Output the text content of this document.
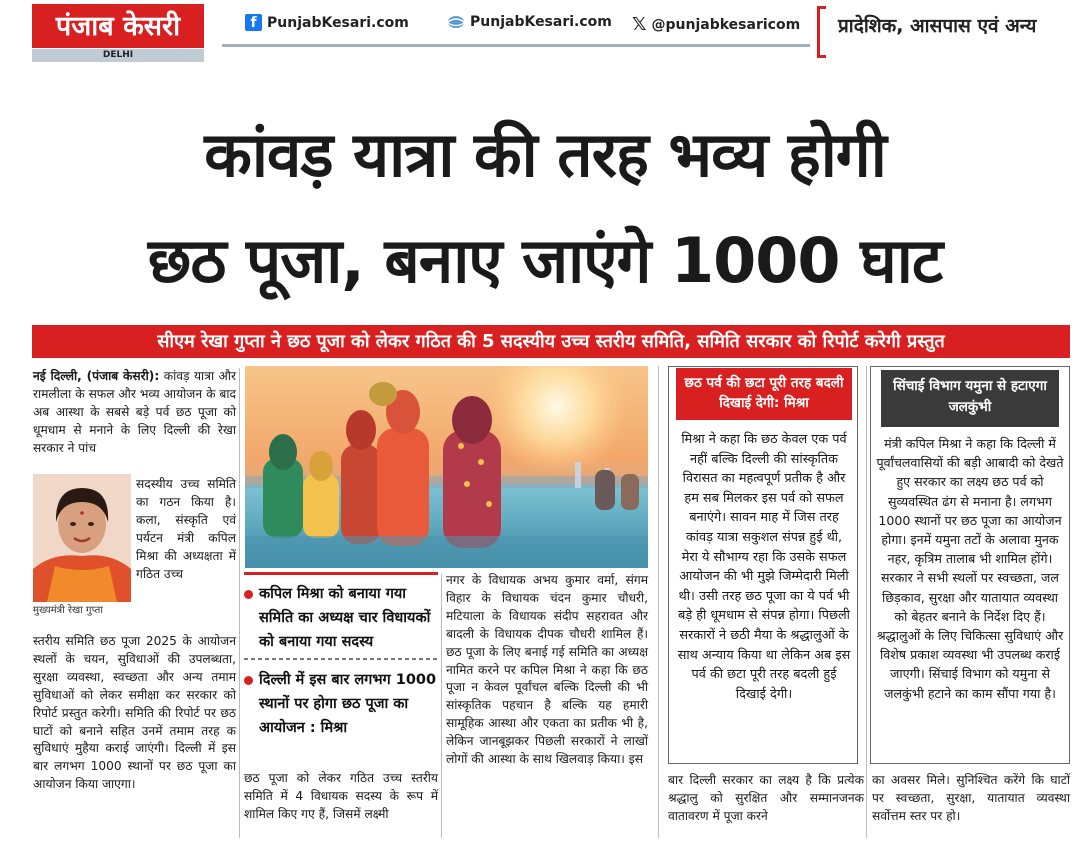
पंजाब केसरी
DELHI
f PunjabKesari.com	PunjabKesari.com 𝕏 @punjabkesaricom प्रादेशिक, आसपास एवं अन्य
कांवड़ यात्रा की तरह भव्य होगी
छठ पूजा, बनाए जाएंगे 1000 घाट
सीएम रेखा गुप्ता ने छठ पूजा को लेकर गठित की 5 सदस्यीय उच्च स्तरीय समिति, समिति सरकार को रिपोर्ट करेगी प्रस्तुत
नई दिल्ली, (पंजाब केसरी): कांवड़ यात्रा और रामलीला के सफल और भव्य आयोजन के बाद अब आस्था के सबसे बड़े पर्व छठ पूजा को धूमधाम से मनाने के लिए दिल्ली की रेखा सरकार ने पांच
मुख्यमंत्री रेखा गुप्ता
सदस्यीय उच्च समिति का गठन किया है। कला, संस्कृति एवं पर्यटन मंत्री कपिल मिश्रा की अध्यक्षता में गठित उच्च
स्तरीय समिति छठ पूजा 2025 के आयोजन स्थलों के चयन, सुविधाओं की उपलब्धता, सुरक्षा व्यवस्था, स्वच्छता और अन्य तमाम सुविधाओं को लेकर समीक्षा कर सरकार को रिपोर्ट प्रस्तुत करेगी। समिति की रिपोर्ट पर छठ घाटों को बनाने सहित उनमें तमाम तरह क सुविधाएं मुहैया कराई जाएंगी। दिल्ली में इस बार लगभग 1000 स्थानों पर छठ पूजा का आयोजन किया जाएगा।
कपिल मिश्रा को बनाया गया समिति का अध्यक्ष चार विधायकों को बनाया गया सदस्य
दिल्ली में इस बार लगभग 1000 स्थानों पर होगा छठ पूजा का आयोजन : मिश्रा
छठ पूजा को लेकर गठित उच्च स्तरीय समिति में 4 विधायक सदस्य के रूप में शामिल किए गए हैं, जिसमें लक्ष्मी
नगर के विधायक अभय कुमार वर्मा, संगम विहार के विधायक चंदन कुमार चौधरी, मटियाला के विधायक संदीप सहरावत और बादली के विधायक दीपक चौधरी शामिल हैं। छठ पूजा के लिए बनाई गई समिति का अध्यक्ष नामित करने पर कपिल मिश्रा ने कहा कि छठ पूजा न केवल पूर्वांचल बल्कि दिल्ली की भी सांस्कृतिक पहचान है बल्कि यह हमारी सामूहिक आस्था और एकता का प्रतीक भी है, लेकिन जानबूझकर पिछली सरकारों ने लाखों लोगों की आस्था के साथ खिलवाड़ किया। इस
छठ पर्व की छटा पूरी तरह बदली दिखाई देगी: मिश्रा
मिश्रा ने कहा कि छठ केवल एक पर्व नहीं बल्कि दिल्ली की सांस्कृतिक विरासत का महत्वपूर्ण प्रतीक है और हम सब मिलकर इस पर्व को सफल बनाएंगे। सावन माह में जिस तरह कांवड़ यात्रा सकुशल संपन्न हुई थी, मेरा ये सौभाग्य रहा कि उसके सफल आयोजन की भी मुझे जिम्मेदारी मिली थी। उसी तरह छठ पूजा का ये पर्व भी बड़े ही धूमधाम से संपन्न होगा। पिछली सरकारों ने छठी मैया के श्रद्धालुओं के साथ अन्याय किया था लेकिन अब इस पर्व की छटा पूरी तरह बदली हुई दिखाई देगी।
बार दिल्ली सरकार का लक्ष्य है कि प्रत्येक श्रद्धालु को सुरक्षित और सम्मानजनक वातावरण में पूजा करने
सिंचाई विभाग यमुना से हटाएगा जलकुंभी
मंत्री कपिल मिश्रा ने कहा कि दिल्ली में पूर्वांचलवासियों की बड़ी आबादी को देखते हुए सरकार का लक्ष्य छठ पर्व को सुव्यवस्थित ढंग से मनाना है। लगभग 1000 स्थानों पर छठ पूजा का आयोजन होगा। इनमें यमुना तटों के अलावा मुनक नहर, कृत्रिम तालाब भी शामिल होंगे। सरकार ने सभी स्थलों पर स्वच्छता, जल छिड़काव, सुरक्षा और यातायात व्यवस्था को बेहतर बनाने के निर्देश दिए हैं। श्रद्धालुओं के लिए चिकित्सा सुविधाएं और विशेष प्रकाश व्यवस्था भी उपलब्ध कराई जाएगी। सिंचाई विभाग को यमुना से जलकुंभी हटाने का काम सौंपा गया है।
का अवसर मिले। सुनिश्चित करेंगे कि घाटों पर स्वच्छता, सुरक्षा, यातायात व्यवस्था सर्वोत्तम स्तर पर हो।
